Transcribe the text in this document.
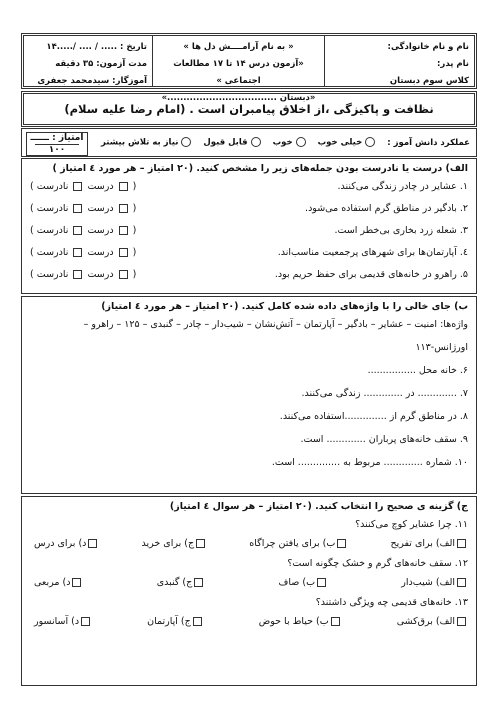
نام و نام خانوادگی:
نام پدر:
کلاس سوم دبستان
« به نام آرامــــش دل ها »
«آزمون درس ۱۴ تا ۱۷ مطالعات اجتماعی »
«دبستان ..................................»
تاریخ : ..... / .... /.....۱۴
مدت آزمون: ۳۵ دقیقه
آموزگار: سیدمحمد جعفری
نظافت و پاکیزگی ،از اخلاق پیامبران است . (امام رضا علیه سلام)
عملکرد دانش آموز :
خیلی خوب
خوب
قابل قبول
نیاز به تلاش بیشتر
امتیاز : ــــــ
۱۰۰
الف) درست یا نادرست بودن جمله‌های زیر را مشخص کنید. (۲۰ امتیاز – هر مورد ٤ امتیاز )
۱. عشایر در چادر زندگی می‌کنند.
(  درست  نادرست )
۲. بادگیر در مناطق گرم استفاده می‌شود.
(  درست  نادرست )
۳. شعله زرد بخاری بی‌خطر است.
(  درست  نادرست )
٤. آپارتمان‌ها برای شهرهای پرجمعیت مناسب‌اند.
(  درست  نادرست )
۵. راهرو در خانه‌های قدیمی برای حفظ حریم بود.
(  درست  نادرست )
ب) جای خالی را با واژه‌های داده شده کامل کنید. (۲۰ امتیاز – هر مورد ٤ امتیاز)
واژه‌ها: امنیت – عشایر – بادگیر – آپارتمان – آتش‌نشان – شیب‌دار – چادر – گنبدی – ۱۲۵ – راهرو –
اورژانس-۱۱۳
۶. خانه محل ................
۷. ............. در ............. زندگی می‌کنند.
۸. در مناطق گرم از ..............استفاده می‌کنند.
۹. سقف خانه‌های پرباران ............. است.
۱۰. شماره ............. مربوط به .............. است.
ج) گزینه ی صحیح را انتخاب کنید. (۲۰ امتیاز – هر سوال ٤ امتیاز)
۱۱. چرا عشایر کوچ می‌کنند؟
الف) برای تفریح
ب) برای یافتن چراگاه
ج) برای خرید
د) برای درس
۱۲. سقف خانه‌های گرم و خشک چگونه است؟
الف) شیب‌دار
ب) صاف
ج) گنبدی
د) مربعی
۱۳. خانه‌های قدیمی چه ویژگی داشتند؟
الف) برق‌کشی
ب) حیاط با حوض
ج) آپارتمان
د) آسانسور
